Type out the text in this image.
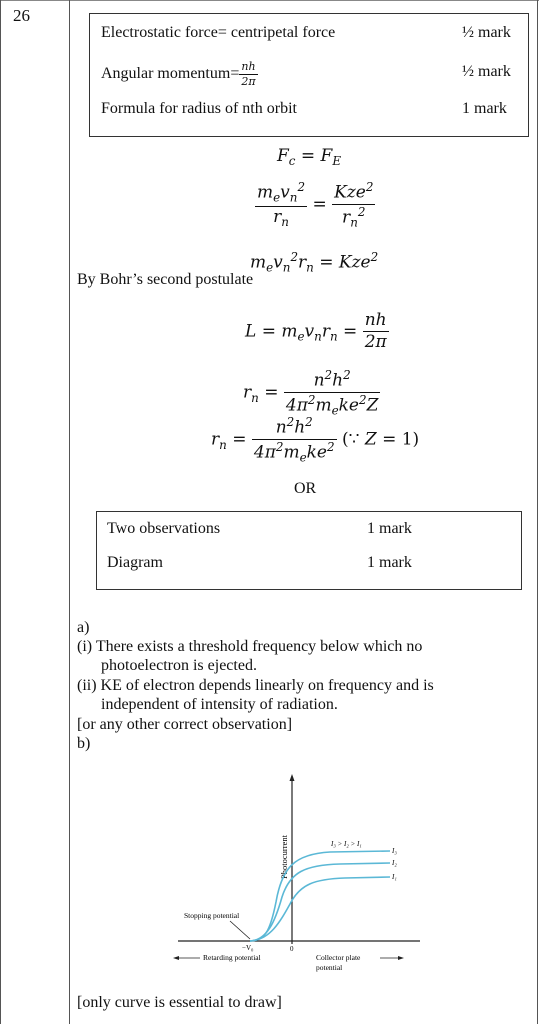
26
Electrostatic force= centripetal force	½ mark
Angular momentum= $\frac{nh}{2\pi}$	½ mark
Formula for radius of nth orbit	1 mark
$F_c = F_E$
$\frac{m_ev_n^2}{r_n} = \frac{Kze^2}{r_n^2}$
$m_ev_n^2r_n = Kze^2$
By Bohr’s second postulate
$L = m_ev_nr_n = \frac{nh}{2\pi}$
$r_n = \frac{n^2h^2}{4\pi^2m_eke^2Z}$
$r_n = \frac{n^2h^2}{4\pi^2m_eke^2}$ (∵ Z = 1)
OR
Two observations	1 mark
Diagram	1 mark
a)
(i) There exists a threshold frequency below which no
photoelectron is ejected.
(ii) KE of electron depends linearly on frequency and is
independent of intensity of radiation.
[or any other correct observation]
b)
Photocurrent	I₃ > I₂ > I₁
I₃
I₂
I₁
Stopping potential
−V₀	0
Retarding potential	Collector plate
potential
[only curve is essential to draw]
